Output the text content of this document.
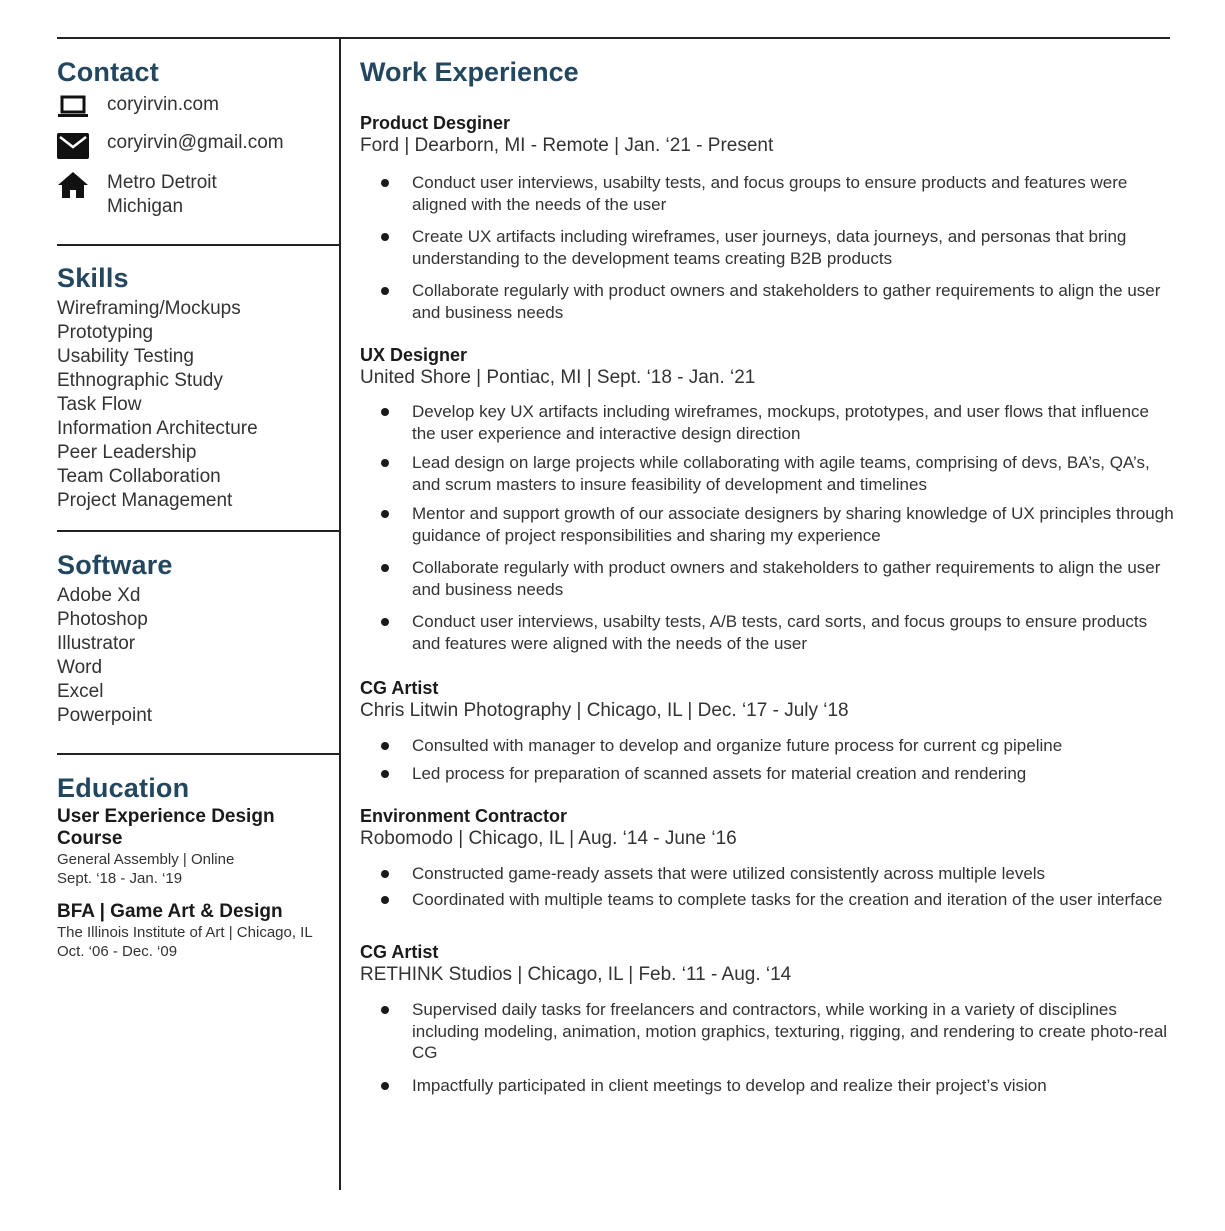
Contact
coryirvin.com
coryirvin@gmail.com
Metro Detroit
Michigan
Skills
Wireframing/Mockups
Prototyping
Usability Testing
Ethnographic Study
Task Flow
Information Architecture
Peer Leadership
Team Collaboration
Project Management
Software
Adobe Xd
Photoshop
Illustrator
Word
Excel
Powerpoint
Education
User Experience Design Course
General Assembly | Online
Sept. ‘18 - Jan. ‘19
BFA | Game Art & Design
The Illinois Institute of Art | Chicago, IL
Oct. ‘06 - Dec. ‘09
Work Experience
Product Desginer
Ford | Dearborn, MI - Remote | Jan. ‘21 - Present
Conduct user interviews, usabilty tests, and focus groups to ensure products and features were aligned with the needs of the user
Create UX artifacts including wireframes, user journeys, data journeys, and personas that bring understanding to the development teams creating B2B products
Collaborate regularly with product owners and stakeholders to gather requirements to align the user and business needs
UX Designer
United Shore | Pontiac, MI | Sept. ‘18 - Jan. ‘21
Develop key UX artifacts including wireframes, mockups, prototypes, and user flows that influence the user experience and interactive design direction
Lead design on large projects while collaborating with agile teams, comprising of devs, BA’s, QA’s, and scrum masters to insure feasibility of development and timelines
Mentor and support growth of our associate designers by sharing knowledge of UX principles through guidance of project responsibilities and sharing my experience
Collaborate regularly with product owners and stakeholders to gather requirements to align the user and business needs
Conduct user interviews, usabilty tests, A/B tests, card sorts, and focus groups to ensure products and features were aligned with the needs of the user
CG Artist
Chris Litwin Photography | Chicago, IL | Dec. ‘17 - July ‘18
Consulted with manager to develop and organize future process for current cg pipeline
Led process for preparation of scanned assets for material creation and rendering
Environment Contractor
Robomodo | Chicago, IL | Aug. ‘14 - June ‘16
Constructed game-ready assets that were utilized consistently across multiple levels
Coordinated with multiple teams to complete tasks for the creation and iteration of the user interface
CG Artist
RETHINK Studios | Chicago, IL | Feb. ‘11 - Aug. ‘14
Supervised daily tasks for freelancers and contractors, while working in a variety of disciplines including modeling, animation, motion graphics, texturing, rigging, and rendering to create photo-real CG
Impactfully participated in client meetings to develop and realize their project’s vision
